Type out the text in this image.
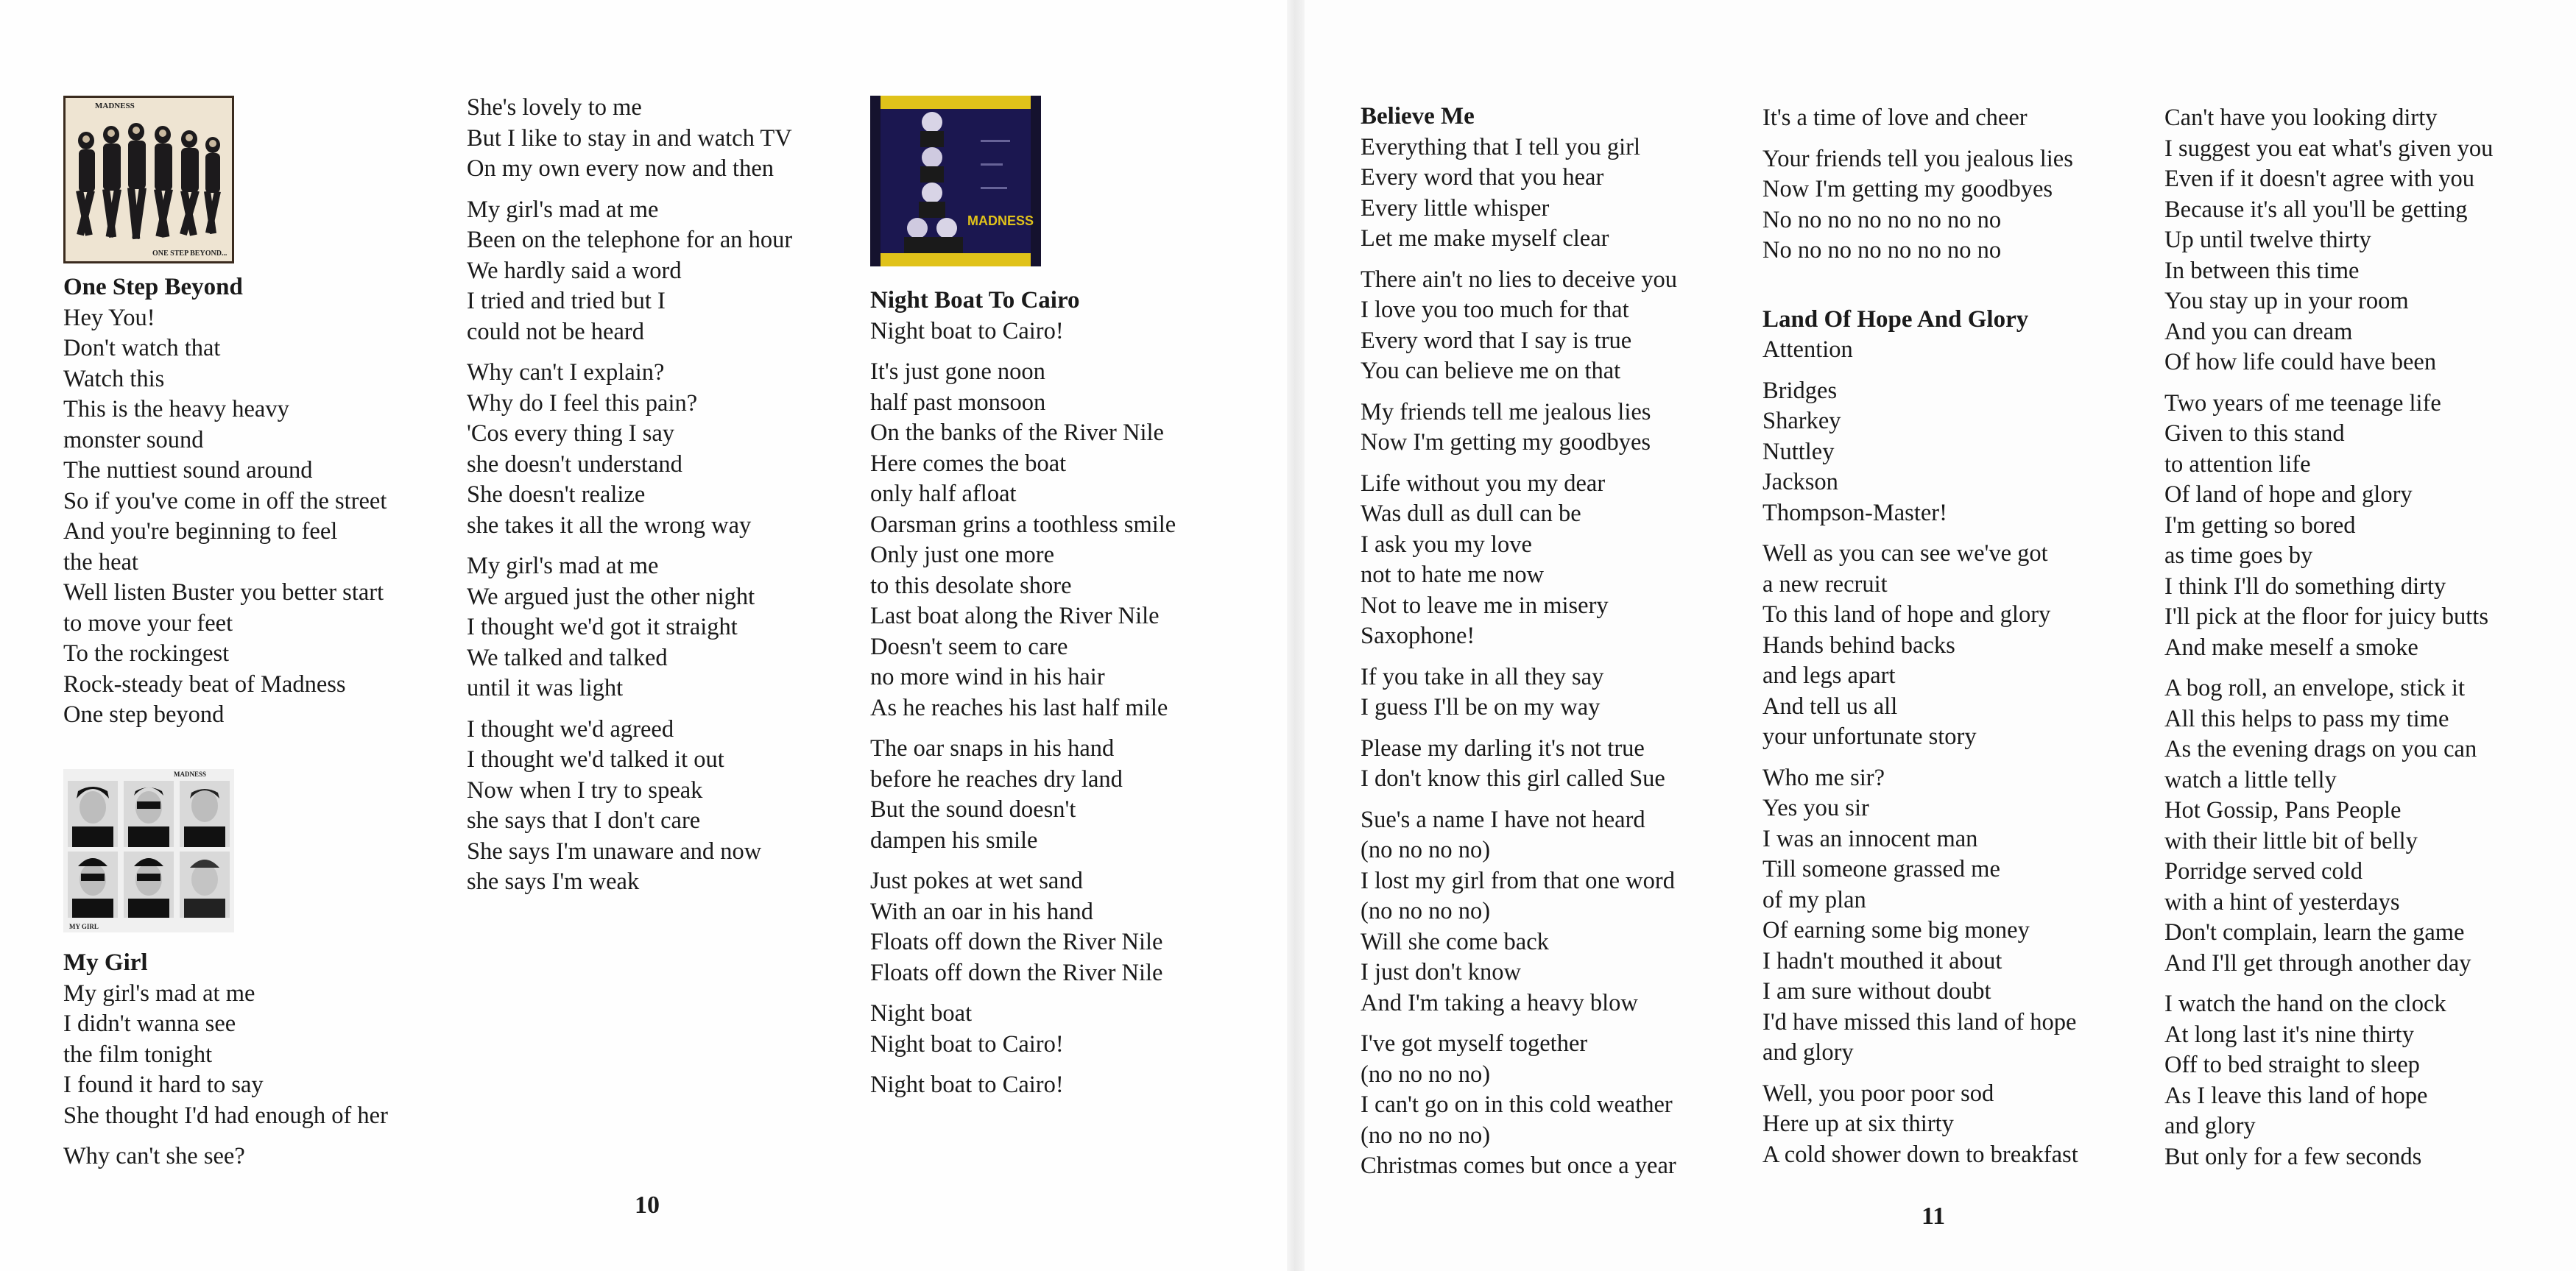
MADNESS
ONE STEP BEYOND...
One Step Beyond
Hey You!
Don't watch that
Watch this
This is the heavy heavy
monster sound
The nuttiest sound around
So if you've come in off the street
And you're beginning to feel
the heat
Well listen Buster you better start
to move your feet
To the rockingest
Rock-steady beat of Madness
One step beyond
MADNESS
MY GIRL
My Girl
My girl's mad at me
I didn't wanna see
the film tonight
I found it hard to say
She thought I'd had enough of her
Why can't she see?
She's lovely to me
But I like to stay in and watch TV
On my own every now and then
My girl's mad at me
Been on the telephone for an hour
We hardly said a word
I tried and tried but I
could not be heard
Why can't I explain?
Why do I feel this pain?
'Cos every thing I say
she doesn't understand
She doesn't realize
she takes it all the wrong way
My girl's mad at me
We argued just the other night
I thought we'd got it straight
We talked and talked
until it was light
I thought we'd agreed
I thought we'd talked it out
Now when I try to speak
she says that I don't care
She says I'm unaware and now
she says I'm weak
MADNESS
Night Boat To Cairo
Night boat to Cairo!
It's just gone noon
half past monsoon
On the banks of the River Nile
Here comes the boat
only half afloat
Oarsman grins a toothless smile
Only just one more
to this desolate shore
Last boat along the River Nile
Doesn't seem to care
no more wind in his hair
As he reaches his last half mile
The oar snaps in his hand
before he reaches dry land
But the sound doesn't
dampen his smile
Just pokes at wet sand
With an oar in his hand
Floats off down the River Nile
Floats off down the River Nile
Night boat
Night boat to Cairo!
Night boat to Cairo!
10
Believe Me
Everything that I tell you girl
Every word that you hear
Every little whisper
Let me make myself clear
There ain't no lies to deceive you
I love you too much for that
Every word that I say is true
You can believe me on that
My friends tell me jealous lies
Now I'm getting my goodbyes
Life without you my dear
Was dull as dull can be
I ask you my love
not to hate me now
Not to leave me in misery
Saxophone!
If you take in all they say
I guess I'll be on my way
Please my darling it's not true
I don't know this girl called Sue
Sue's a name I have not heard
(no no no no)
I lost my girl from that one word
(no no no no)
Will she come back
I just don't know
And I'm taking a heavy blow
I've got myself together
(no no no no)
I can't go on in this cold weather
(no no no no)
Christmas comes but once a year
It's a time of love and cheer
Your friends tell you jealous lies
Now I'm getting my goodbyes
No no no no no no no no
No no no no no no no no
Land Of Hope And Glory
Attention
Bridges
Sharkey
Nuttley
Jackson
Thompson-Master!
Well as you can see we've got
a new recruit
To this land of hope and glory
Hands behind backs
and legs apart
And tell us all
your unfortunate story
Who me sir?
Yes you sir
I was an innocent man
Till someone grassed me
of my plan
Of earning some big money
I hadn't mouthed it about
I am sure without doubt
I'd have missed this land of hope
and glory
Well, you poor poor sod
Here up at six thirty
A cold shower down to breakfast
Can't have you looking dirty
I suggest you eat what's given you
Even if it doesn't agree with you
Because it's all you'll be getting
Up until twelve thirty
In between this time
You stay up in your room
And you can dream
Of how life could have been
Two years of me teenage life
Given to this stand
to attention life
Of land of hope and glory
I'm getting so bored
as time goes by
I think I'll do something dirty
I'll pick at the floor for juicy butts
And make meself a smoke
A bog roll, an envelope, stick it
All this helps to pass my time
As the evening drags on you can
watch a little telly
Hot Gossip, Pans People
with their little bit of belly
Porridge served cold
with a hint of yesterdays
Don't complain, learn the game
And I'll get through another day
I watch the hand on the clock
At long last it's nine thirty
Off to bed straight to sleep
As I leave this land of hope
and glory
But only for a few seconds
11
